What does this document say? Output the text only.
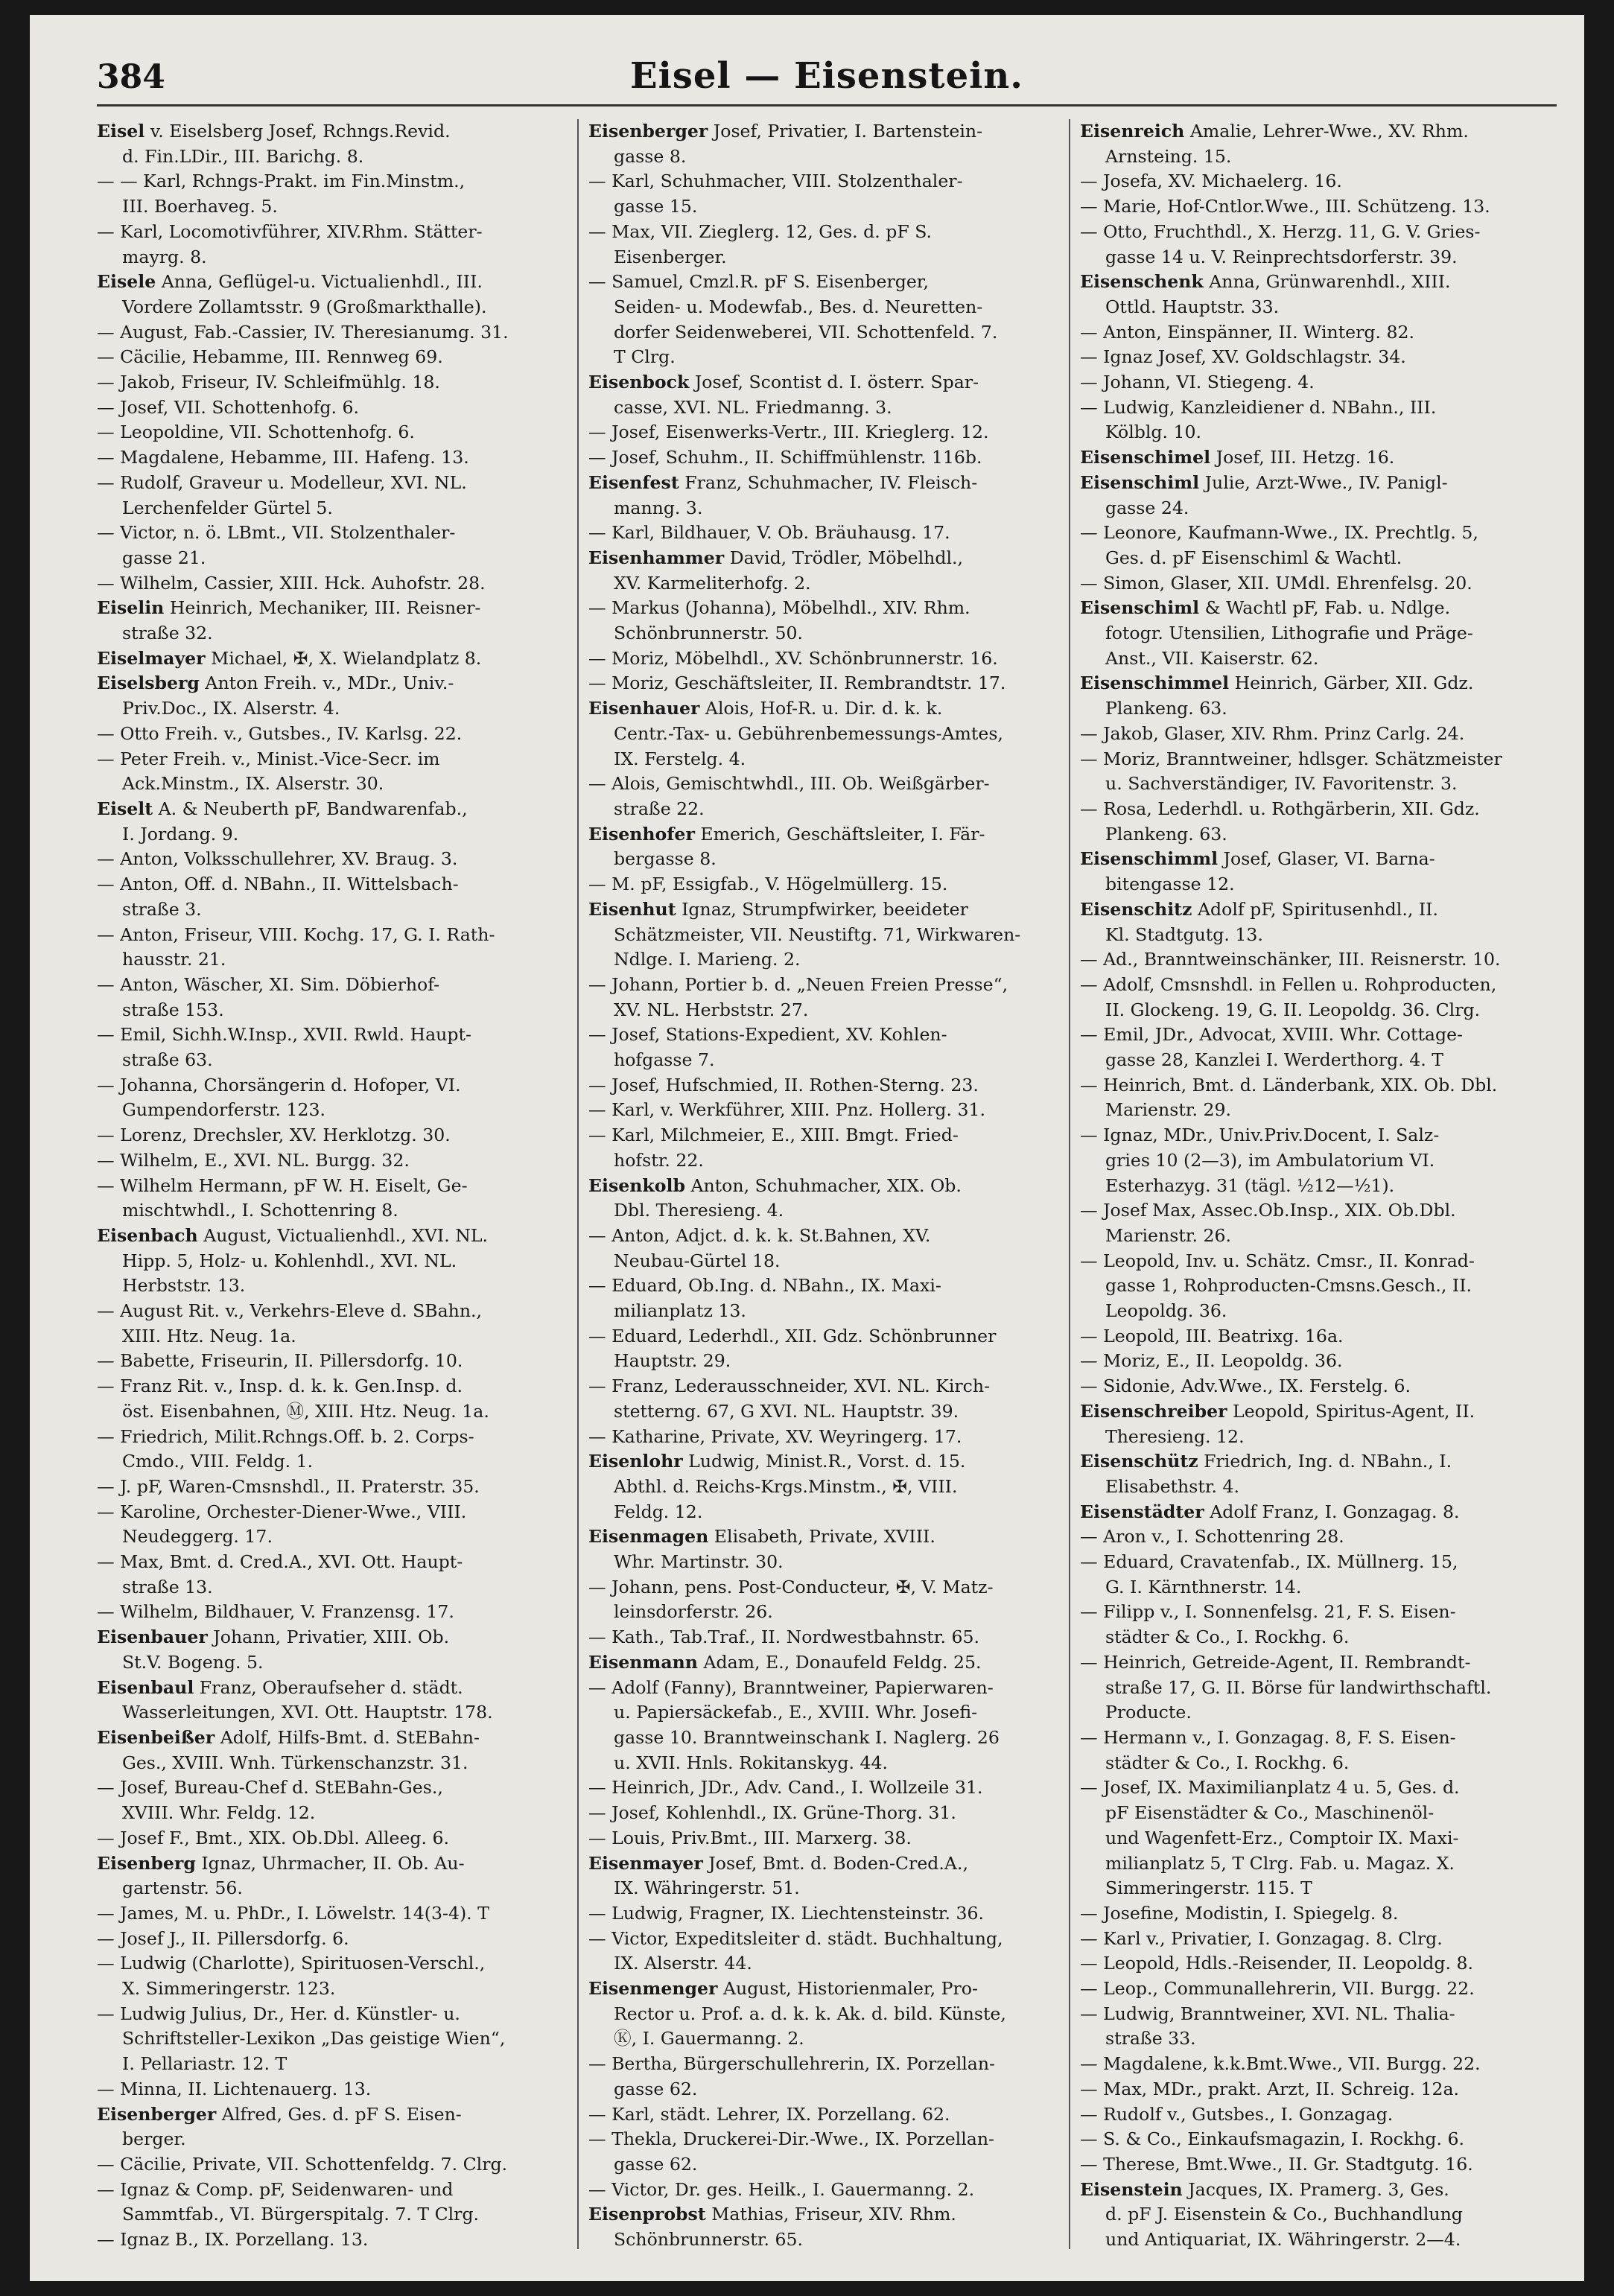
384	Eisel — Eisenstein.
Eisel v. Eiselsberg Josef, Rchngs.Revid.
d. Fin.LDir., III. Barichg. 8.
— — Karl, Rchngs-Prakt. im Fin.Minstm.,
III. Boerhaveg. 5.
— Karl, Locomotivführer, XIV.Rhm. Stätter-
mayrg. 8.
Eisele Anna, Geflügel-u. Victualienhdl., III.
Vordere Zollamtsstr. 9 (Großmarkthalle).
— August, Fab.-Cassier, IV. Theresianumg. 31.
— Cäcilie, Hebamme, III. Rennweg 69.
— Jakob, Friseur, IV. Schleifmühlg. 18.
— Josef, VII. Schottenhofg. 6.
— Leopoldine, VII. Schottenhofg. 6.
— Magdalene, Hebamme, III. Hafeng. 13.
— Rudolf, Graveur u. Modelleur, XVI. NL.
Lerchenfelder Gürtel 5.
— Victor, n. ö. LBmt., VII. Stolzenthaler-
gasse 21.
— Wilhelm, Cassier, XIII. Hck. Auhofstr. 28.
Eiselin Heinrich, Mechaniker, III. Reisner-
straße 32.
Eiselmayer Michael, ✠, X. Wielandplatz 8.
Eiselsberg Anton Freih. v., MDr., Univ.-
Priv.Doc., IX. Alserstr. 4.
— Otto Freih. v., Gutsbes., IV. Karlsg. 22.
— Peter Freih. v., Minist.-Vice-Secr. im
Ack.Minstm., IX. Alserstr. 30.
Eiselt A. & Neuberth pF, Bandwarenfab.,
I. Jordang. 9.
— Anton, Volksschullehrer, XV. Braug. 3.
— Anton, Off. d. NBahn., II. Wittelsbach-
straße 3.
— Anton, Friseur, VIII. Kochg. 17, G. I. Rath-
hausstr. 21.
— Anton, Wäscher, XI. Sim. Döbierhof-
straße 153.
— Emil, Sichh.W.Insp., XVII. Rwld. Haupt-
straße 63.
— Johanna, Chorsängerin d. Hofoper, VI.
Gumpendorferstr. 123.
— Lorenz, Drechsler, XV. Herklotzg. 30.
— Wilhelm, E., XVI. NL. Burgg. 32.
— Wilhelm Hermann, pF W. H. Eiselt, Ge-
mischtwhdl., I. Schottenring 8.
Eisenbach August, Victualienhdl., XVI. NL.
Hipp. 5, Holz- u. Kohlenhdl., XVI. NL.
Herbststr. 13.
— August Rit. v., Verkehrs-Eleve d. SBahn.,
XIII. Htz. Neug. 1a.
— Babette, Friseurin, II. Pillersdorfg. 10.
— Franz Rit. v., Insp. d. k. k. Gen.Insp. d.
öst. Eisenbahnen, Ⓜ, XIII. Htz. Neug. 1a.
— Friedrich, Milit.Rchngs.Off. b. 2. Corps-
Cmdo., VIII. Feldg. 1.
— J. pF, Waren-Cmsnshdl., II. Praterstr. 35.
— Karoline, Orchester-Diener-Wwe., VIII.
Neudeggerg. 17.
— Max, Bmt. d. Cred.A., XVI. Ott. Haupt-
straße 13.
— Wilhelm, Bildhauer, V. Franzensg. 17.
Eisenbauer Johann, Privatier, XIII. Ob.
St.V. Bogeng. 5.
Eisenbaul Franz, Oberaufseher d. städt.
Wasserleitungen, XVI. Ott. Hauptstr. 178.
Eisenbeißer Adolf, Hilfs-Bmt. d. StEBahn-
Ges., XVIII. Wnh. Türkenschanzstr. 31.
— Josef, Bureau-Chef d. StEBahn-Ges.,
XVIII. Whr. Feldg. 12.
— Josef F., Bmt., XIX. Ob.Dbl. Alleeg. 6.
Eisenberg Ignaz, Uhrmacher, II. Ob. Au-
gartenstr. 56.
— James, M. u. PhDr., I. Löwelstr. 14(3-4). T
— Josef J., II. Pillersdorfg. 6.
— Ludwig (Charlotte), Spirituosen-Verschl.,
X. Simmeringerstr. 123.
— Ludwig Julius, Dr., Her. d. Künstler- u.
Schriftsteller-Lexikon „Das geistige Wien“,
I. Pellariastr. 12. T
— Minna, II. Lichtenauerg. 13.
Eisenberger Alfred, Ges. d. pF S. Eisen-
berger.
— Cäcilie, Private, VII. Schottenfeldg. 7. Clrg.
— Ignaz & Comp. pF, Seidenwaren- und
Sammtfab., VI. Bürgerspitalg. 7. T Clrg.
— Ignaz B., IX. Porzellang. 13.
Eisenberger Josef, Privatier, I. Bartenstein-
gasse 8.
— Karl, Schuhmacher, VIII. Stolzenthaler-
gasse 15.
— Max, VII. Zieglerg. 12, Ges. d. pF S.
Eisenberger.
— Samuel, Cmzl.R. pF S. Eisenberger,
Seiden- u. Modewfab., Bes. d. Neuretten-
dorfer Seidenweberei, VII. Schottenfeld. 7.
T Clrg.
Eisenbock Josef, Scontist d. I. österr. Spar-
casse, XVI. NL. Friedmanng. 3.
— Josef, Eisenwerks-Vertr., III. Krieglerg. 12.
— Josef, Schuhm., II. Schiffmühlenstr. 116b.
Eisenfest Franz, Schuhmacher, IV. Fleisch-
manng. 3.
— Karl, Bildhauer, V. Ob. Bräuhausg. 17.
Eisenhammer David, Trödler, Möbelhdl.,
XV. Karmeliterhofg. 2.
— Markus (Johanna), Möbelhdl., XIV. Rhm.
Schönbrunnerstr. 50.
— Moriz, Möbelhdl., XV. Schönbrunnerstr. 16.
— Moriz, Geschäftsleiter, II. Rembrandtstr. 17.
Eisenhauer Alois, Hof-R. u. Dir. d. k. k.
Centr.-Tax- u. Gebührenbemessungs-Amtes,
IX. Ferstelg. 4.
— Alois, Gemischtwhdl., III. Ob. Weißgärber-
straße 22.
Eisenhofer Emerich, Geschäftsleiter, I. Fär-
bergasse 8.
— M. pF, Essigfab., V. Högelmüllerg. 15.
Eisenhut Ignaz, Strumpfwirker, beeideter
Schätzmeister, VII. Neustiftg. 71, Wirkwaren-
Ndlge. I. Marieng. 2.
— Johann, Portier b. d. „Neuen Freien Presse“,
XV. NL. Herbststr. 27.
— Josef, Stations-Expedient, XV. Kohlen-
hofgasse 7.
— Josef, Hufschmied, II. Rothen-Sterng. 23.
— Karl, v. Werkführer, XIII. Pnz. Hollerg. 31.
— Karl, Milchmeier, E., XIII. Bmgt. Fried-
hofstr. 22.
Eisenkolb Anton, Schuhmacher, XIX. Ob.
Dbl. Theresieng. 4.
— Anton, Adjct. d. k. k. St.Bahnen, XV.
Neubau-Gürtel 18.
— Eduard, Ob.Ing. d. NBahn., IX. Maxi-
milianplatz 13.
— Eduard, Lederhdl., XII. Gdz. Schönbrunner
Hauptstr. 29.
— Franz, Lederausschneider, XVI. NL. Kirch-
stetterng. 67, G XVI. NL. Hauptstr. 39.
— Katharine, Private, XV. Weyringerg. 17.
Eisenlohr Ludwig, Minist.R., Vorst. d. 15.
Abthl. d. Reichs-Krgs.Minstm., ✠, VIII.
Feldg. 12.
Eisenmagen Elisabeth, Private, XVIII.
Whr. Martinstr. 30.
— Johann, pens. Post-Conducteur, ✠, V. Matz-
leinsdorferstr. 26.
— Kath., Tab.Traf., II. Nordwestbahnstr. 65.
Eisenmann Adam, E., Donaufeld Feldg. 25.
— Adolf (Fanny), Branntweiner, Papierwaren-
u. Papiersäckefab., E., XVIII. Whr. Josefi-
gasse 10. Branntweinschank I. Naglerg. 26
u. XVII. Hnls. Rokitanskyg. 44.
— Heinrich, JDr., Adv. Cand., I. Wollzeile 31.
— Josef, Kohlenhdl., IX. Grüne-Thorg. 31.
— Louis, Priv.Bmt., III. Marxerg. 38.
Eisenmayer Josef, Bmt. d. Boden-Cred.A.,
IX. Währingerstr. 51.
— Ludwig, Fragner, IX. Liechtensteinstr. 36.
— Victor, Expeditsleiter d. städt. Buchhaltung,
IX. Alserstr. 44.
Eisenmenger August, Historienmaler, Pro-
Rector u. Prof. a. d. k. k. Ak. d. bild. Künste,
Ⓚ, I. Gauermanng. 2.
— Bertha, Bürgerschullehrerin, IX. Porzellan-
gasse 62.
— Karl, städt. Lehrer, IX. Porzellang. 62.
— Thekla, Druckerei-Dir.-Wwe., IX. Porzellan-
gasse 62.
— Victor, Dr. ges. Heilk., I. Gauermanng. 2.
Eisenprobst Mathias, Friseur, XIV. Rhm.
Schönbrunnerstr. 65.
Eisenreich Amalie, Lehrer-Wwe., XV. Rhm.
Arnsteing. 15.
— Josefa, XV. Michaelerg. 16.
— Marie, Hof-Cntlor.Wwe., III. Schützeng. 13.
— Otto, Fruchthdl., X. Herzg. 11, G. V. Gries-
gasse 14 u. V. Reinprechtsdorferstr. 39.
Eisenschenk Anna, Grünwarenhdl., XIII.
Ottld. Hauptstr. 33.
— Anton, Einspänner, II. Winterg. 82.
— Ignaz Josef, XV. Goldschlagstr. 34.
— Johann, VI. Stiegeng. 4.
— Ludwig, Kanzleidiener d. NBahn., III.
Kölblg. 10.
Eisenschimel Josef, III. Hetzg. 16.
Eisenschiml Julie, Arzt-Wwe., IV. Panigl-
gasse 24.
— Leonore, Kaufmann-Wwe., IX. Prechtlg. 5,
Ges. d. pF Eisenschiml & Wachtl.
— Simon, Glaser, XII. UMdl. Ehrenfelsg. 20.
Eisenschiml & Wachtl pF, Fab. u. Ndlge.
fotogr. Utensilien, Lithografie und Präge-
Anst., VII. Kaiserstr. 62.
Eisenschimmel Heinrich, Gärber, XII. Gdz.
Plankeng. 63.
— Jakob, Glaser, XIV. Rhm. Prinz Carlg. 24.
— Moriz, Branntweiner, hdlsger. Schätzmeister
u. Sachverständiger, IV. Favoritenstr. 3.
— Rosa, Lederhdl. u. Rothgärberin, XII. Gdz.
Plankeng. 63.
Eisenschimml Josef, Glaser, VI. Barna-
bitengasse 12.
Eisenschitz Adolf pF, Spiritusenhdl., II.
Kl. Stadtgutg. 13.
— Ad., Branntweinschänker, III. Reisnerstr. 10.
— Adolf, Cmsnshdl. in Fellen u. Rohproducten,
II. Glockeng. 19, G. II. Leopoldg. 36. Clrg.
— Emil, JDr., Advocat, XVIII. Whr. Cottage-
gasse 28, Kanzlei I. Werderthorg. 4. T
— Heinrich, Bmt. d. Länderbank, XIX. Ob. Dbl.
Marienstr. 29.
— Ignaz, MDr., Univ.Priv.Docent, I. Salz-
gries 10 (2—3), im Ambulatorium VI.
Esterhazyg. 31 (tägl. ½12—½1).
— Josef Max, Assec.Ob.Insp., XIX. Ob.Dbl.
Marienstr. 26.
— Leopold, Inv. u. Schätz. Cmsr., II. Konrad-
gasse 1, Rohproducten-Cmsns.Gesch., II.
Leopoldg. 36.
— Leopold, III. Beatrixg. 16a.
— Moriz, E., II. Leopoldg. 36.
— Sidonie, Adv.Wwe., IX. Ferstelg. 6.
Eisenschreiber Leopold, Spiritus-Agent, II.
Theresieng. 12.
Eisenschütz Friedrich, Ing. d. NBahn., I.
Elisabethstr. 4.
Eisenstädter Adolf Franz, I. Gonzagag. 8.
— Aron v., I. Schottenring 28.
— Eduard, Cravatenfab., IX. Müllnerg. 15,
G. I. Kärnthnerstr. 14.
— Filipp v., I. Sonnenfelsg. 21, F. S. Eisen-
städter & Co., I. Rockhg. 6.
— Heinrich, Getreide-Agent, II. Rembrandt-
straße 17, G. II. Börse für landwirthschaftl.
Producte.
— Hermann v., I. Gonzagag. 8, F. S. Eisen-
städter & Co., I. Rockhg. 6.
— Josef, IX. Maximilianplatz 4 u. 5, Ges. d.
pF Eisenstädter & Co., Maschinenöl-
und Wagenfett-Erz., Comptoir IX. Maxi-
milianplatz 5, T Clrg. Fab. u. Magaz. X.
Simmeringerstr. 115. T
— Josefine, Modistin, I. Spiegelg. 8.
— Karl v., Privatier, I. Gonzagag. 8. Clrg.
— Leopold, Hdls.-Reisender, II. Leopoldg. 8.
— Leop., Communallehrerin, VII. Burgg. 22.
— Ludwig, Branntweiner, XVI. NL. Thalia-
straße 33.
— Magdalene, k.k.Bmt.Wwe., VII. Burgg. 22.
— Max, MDr., prakt. Arzt, II. Schreig. 12a.
— Rudolf v., Gutsbes., I. Gonzagag.
— S. & Co., Einkaufsmagazin, I. Rockhg. 6.
— Therese, Bmt.Wwe., II. Gr. Stadtgutg. 16.
Eisenstein Jacques, IX. Pramerg. 3, Ges.
d. pF J. Eisenstein & Co., Buchhandlung
und Antiquariat, IX. Währingerstr. 2—4.
